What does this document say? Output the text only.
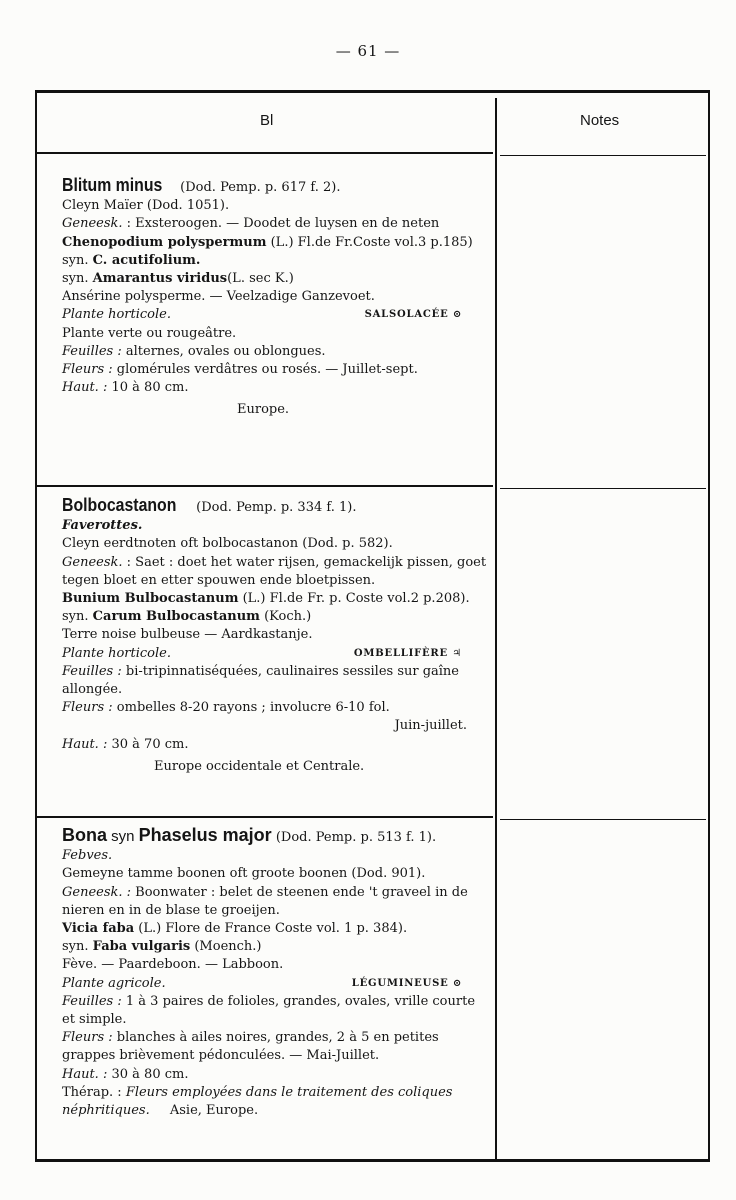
— 61 —
Bl	Notes
Blitum minus (Dod. Pemp. p. 617 f. 2).
Cleyn Maïer (Dod. 1051).
Geneesk. : Exsteroogen. — Doodet de luysen en de neten
Chenopodium polyspermum (L.) Fl.de Fr.Coste vol.3 p.185)
syn. C. acutifolium.
syn. Amarantus viridus(L. sec K.)
Ansérine polysperme. — Veelzadige Ganzevoet.
Plante horticole.	SALSOLACÉE ⊙
Plante verte ou rougeâtre.
Feuilles : alternes, ovales ou oblongues.
Fleurs : glomérules verdâtres ou rosés. — Juillet-sept.
Haut. : 10 à 80 cm.
Europe.
Bolbocastanon (Dod. Pemp. p. 334 f. 1).
Faverottes.
Cleyn eerdtnoten oft bolbocastanon (Dod. p. 582).
Geneesk. : Saet : doet het water rijsen, gemackelijk pissen, goet tegen bloet en etter spouwen ende bloetpissen.
Bunium Bulbocastanum (L.) Fl.de Fr. p. Coste vol.2 p.208).
syn. Carum Bulbocastanum (Koch.)
Terre noise bulbeuse — Aardkastanje.
Plante horticole.	OMBELLIFÈRE ♃
Feuilles : bi-tripinnatiséquées, caulinaires sessiles sur gaîne allongée.
Fleurs : ombelles 8-20 rayons ; involucre 6-10 fol.
Juin-juillet.
Haut. : 30 à 70 cm.
Europe occidentale et Centrale.
Bona syn Phaselus major (Dod. Pemp. p. 513 f. 1).
Febves.
Gemeyne tamme boonen oft groote boonen (Dod. 901).
Geneesk. : Boonwater : belet de steenen ende 't graveel in de nieren en in de blase te groeijen.
Vicia faba (L.) Flore de France Coste vol. 1 p. 384).
syn. Faba vulgaris (Moench.)
Fève. — Paardeboon. — Labboon.
Plante agricole.	LÉGUMINEUSE ⊙
Feuilles : 1 à 3 paires de folioles, grandes, ovales, vrille courte et simple.
Fleurs : blanches à ailes noires, grandes, 2 à 5 en petites grappes brièvement pédonculées. — Mai-Juillet.
Haut. : 30 à 80 cm.
Thérap. : Fleurs employées dans le traitement des coliques néphritiques. Asie, Europe.
